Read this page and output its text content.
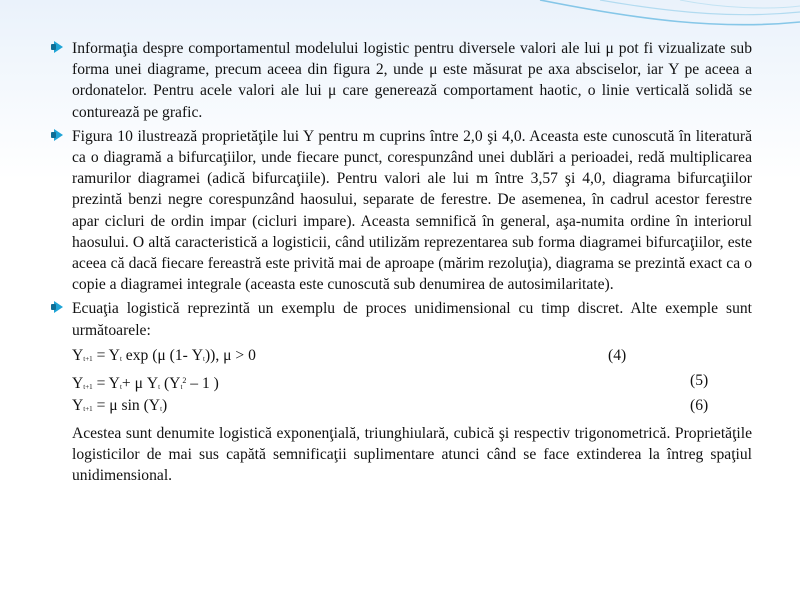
Informaţia despre comportamentul modelului logistic pentru diversele valori ale lui μ pot fi vizualizate sub forma unei diagrame, precum aceea din figura 2, unde μ este măsurat pe axa absciselor, iar Y pe aceea a ordonatelor. Pentru acele valori ale lui μ care generează comportament haotic, o linie verticală solidă se conturează pe grafic.
Figura 10 ilustrează proprietăţile lui Y pentru m cuprins între 2,0 şi 4,0. Aceasta este cunoscută în literatură ca o diagramă a bifurcaţiilor, unde fiecare punct, corespunzând unei dublări a perioadei, redă multiplicarea ramurilor diagramei (adică bifurcaţiile). Pentru valori ale lui m între 3,57 şi 4,0, diagrama bifurcaţiilor prezintă benzi negre corespunzând haosului, separate de ferestre. De asemenea, în cadrul acestor ferestre apar cicluri de ordin impar (cicluri impare). Aceasta semnifică în general, aşa-numita ordine în interiorul haosului. O altă caracteristică a logisticii, când utilizăm reprezentarea sub forma diagramei bifurcaţiilor, este aceea că dacă fiecare fereastră este privită mai de aproape (mărim rezoluţia), diagrama se prezintă exact ca o copie a diagramei integrale (aceasta este cunoscută sub denumirea de autosimilaritate).
Ecuaţia logistică reprezintă un exemplu de proces unidimensional cu timp discret. Alte exemple sunt următoarele:
Yt+1 = Yt exp (μ (1- Yt)), μ > 0	(4)
Yt+1 = Yt+ μ Yt (Yt$^2$ – 1 )	(5)
Yt+1 = μ sin (Yt)	(6)
Acestea sunt denumite logistică exponenţială, triunghiulară, cubică şi respectiv trigonometrică. Proprietăţile logisticilor de mai sus capătă semnificaţii suplimentare atunci când se face extinderea la întreg spaţiul unidimensional.
